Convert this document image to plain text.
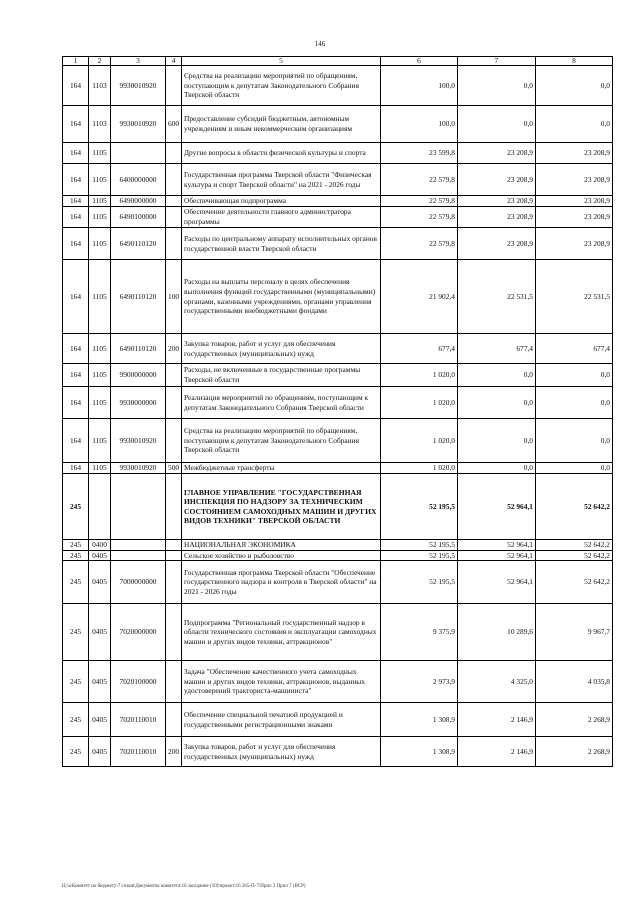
146
1	2	3	4	5	6	7	8
164	1103	9930010920		Средства на реализацию мероприятий по обращениям, поступающим к депутатам Законодательного Собрания Тверской области	100,0	0,0	0,0
164	1103	9930010920	600	Предоставление субсидий бюджетным, автономным учреждениям и иным некоммерческим организациям	100,0	0,0	0,0
164	1105			Другие вопросы в области физической культуры и спорта	23 599,8	23 208,9	23 208,9
164	1105	6400000000		Государственная программа Тверской области "Физическая культура и спорт Тверской области" на 2021 - 2026 годы	22 579,8	23 208,9	23 208,9
164	1105	6490000000		Обеспечивающая подпрограмма	22 579,8	23 208,9	23 208,9
164	1105	6490100000		Обеспечение деятельности главного администратора программы	22 579,8	23 208,9	23 208,9
164	1105	6490110120		Расходы по центральному аппарату исполнительных органов государственной власти Тверской области	22 579,8	23 208,9	23 208,9
164	1105	6490110120	100	Расходы на выплаты персоналу в целях обеспечения выполнения функций государственными (муниципальными) органами, казенными учреждениями, органами управления государственными внебюджетными фондами	21 902,4	22 531,5	22 531,5
164	1105	6490110120	200	Закупка товаров, работ и услуг для обеспечения государственных (муниципальных) нужд	677,4	677,4	677,4
164	1105	9900000000		Расходы, не включенные в государственные программы Тверской области	1 020,0	0,0	0,0
164	1105	9930000000		Реализация мероприятий по обращениям, поступающим к депутатам Законодательного Собрания Тверской области	1 020,0	0,0	0,0
164	1105	9930010920		Средства на реализацию мероприятий по обращениям, поступающим к депутатам Законодательного Собрания Тверской области	1 020,0	0,0	0,0
164	1105	9930010920	500	Межбюджетные трансферты	1 020,0	0,0	0,0
245				ГЛАВНОЕ УПРАВЛЕНИЕ "ГОСУДАРСТВЕННАЯ ИНСПЕКЦИЯ ПО НАДЗОРУ ЗА ТЕХНИЧЕСКИМ СОСТОЯНИЕМ САМОХОДНЫХ МАШИН И ДРУГИХ ВИДОВ ТЕХНИКИ" ТВЕРСКОЙ ОБЛАСТИ	52 195,5	52 964,1	52 642,2
245	0400			НАЦИОНАЛЬНАЯ ЭКОНОМИКА	52 195,5	52 964,1	52 642,2
245	0405			Сельское хозяйство и рыболовство	52 195,5	52 964,1	52 642,2
245	0405	7000000000		Государственная программа Тверской области "Обеспечение государственного надзора и контроля в Тверской области" на 2021 - 2026 годы	52 195,5	52 964,1	52 642,2
245	0405	7020000000		Подпрограмма "Региональный государственный надзор в области технического состояния и эксплуатации самоходных машин и других видов техники, аттракционов"	9 375,9	10 289,6	9 967,7
245	0405	7020100000		Задача "Обеспечение качественного учета самоходных машин и других видов техники, аттракционов, выданных удостоверений тракториста-машиниста"	2 973,9	4 325,0	4 035,8
245	0405	7020110010		Обеспечение специальной печатной продукцией и государственными регистрационными знаками	1 308,9	2 146,9	2 268,9
245	0405	7020110010	200	Закупка товаров, работ и услуг для обеспечения государственных (муниципальных) нужд	1 308,9	2 146,9	2 268,9
Ц:\a\Комитет по бюджету\7 созыв\Документы комитета\16 заседание (10)\проект\16 265-П-7\Прил 3 Прил 7 (ВСР)
